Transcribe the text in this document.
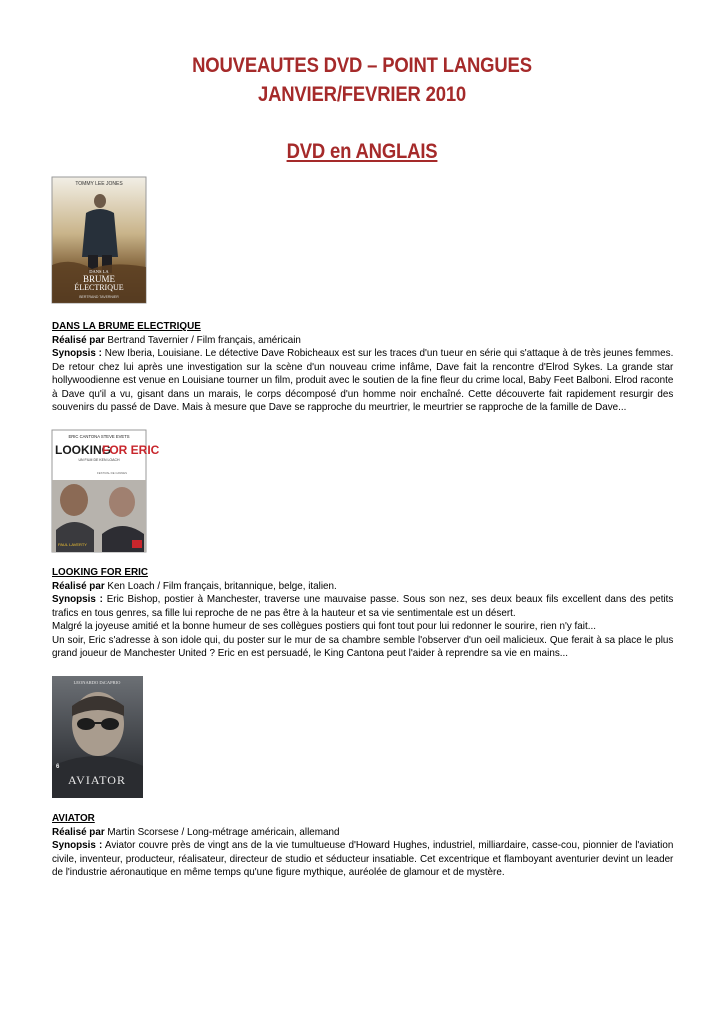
NOUVEAUTES DVD – POINT LANGUES
JANVIER/FEVRIER 2010
DVD en ANGLAIS
TOMMY LEE JONES
DANS LA
BRUME
ÉLECTRIQUE
BERTRAND TAVERNIER

DANS LA BRUME ELECTRIQUE

Réalisé par Bertrand Tavernier / Film français, américain

Synopsis : New Iberia, Louisiane. Le détective Dave Robicheaux est sur les traces d'un tueur en série qui s'attaque à de très jeunes femmes. De retour chez lui après une investigation sur la scène d'un nouveau crime infâme, Dave fait la rencontre d'Elrod Sykes. La grande star hollywoodienne est venue en Louisiane tourner un film, produit avec le soutien de la fine fleur du crime local, Baby Feet Balboni. Elrod raconte à Dave qu'il a vu, gisant dans un marais, le corps décomposé d'un homme noir enchaîné. Cette découverte fait rapidement resurgir des souvenirs du passé de Dave. Mais à mesure que Dave se rapproche du meurtrier, le meurtrier se rapproche de la famille de Dave...

ERIC CANTONA STEVE EVETS
LOOKING
FOR ERIC
UN FILM DE KEN LOACH
FESTIVAL DE CANNES
PAUL LAVERTY

LOOKING FOR ERIC

Réalisé par Ken Loach / Film français, britannique, belge, italien.

Synopsis : Eric Bishop, postier à Manchester, traverse une mauvaise passe. Sous son nez, ses deux beaux fils excellent dans des petits trafics en tous genres, sa fille lui reproche de ne pas être à la hauteur et sa vie sentimentale est un désert.

Malgré la joyeuse amitié et la bonne humeur de ses collègues postiers qui font tout pour lui redonner le sourire, rien n'y fait...

Un soir, Eric s'adresse à son idole qui, du poster sur le mur de sa chambre semble l'observer d'un oeil malicieux. Que ferait à sa place le plus grand joueur de Manchester United ? Eric en est persuadé, le King Cantona peut l'aider à reprendre sa vie en mains...

LEONARDO DiCAPRIO
6
AVIATOR

AVIATOR

Réalisé par Martin Scorsese / Long-métrage américain, allemand

Synopsis : Aviator couvre près de vingt ans de la vie tumultueuse d'Howard Hughes, industriel, milliardaire, casse-cou, pionnier de l'aviation civile, inventeur, producteur, réalisateur, directeur de studio et séducteur insatiable. Cet excentrique et flamboyant aventurier devint un leader de l'industrie aéronautique en même temps qu'une figure mythique, auréolée de glamour et de mystère.
